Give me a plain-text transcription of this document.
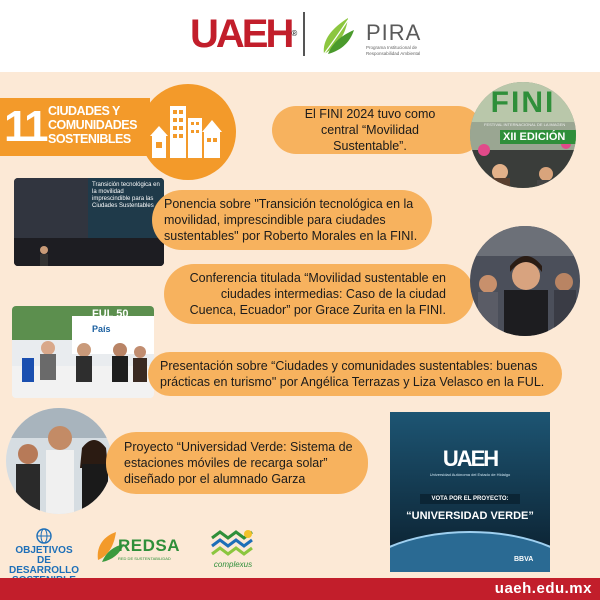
UAEH®	PIRA
Programa Institucional de Responsabilidad Ambiental
11 CIUDADES Y
COMUNIDADES
SOSTENIBLES
El FINI 2024 tuvo como central “Movilidad Sustentable”.
FINI
FESTIVAL INTERNACIONAL DE LA IMAGEN
XII EDICIÓN
Transición tecnológica en la movilidad imprescindible para las Ciudades Sustentables Ponencia sobre "Transición tecnológica en la movilidad, imprescindible para ciudades sustentables" por Roberto Morales en la FINI.
Conferencia titulada “Movilidad sustentable en ciudades intermedias: Caso de la ciudad Cuenca, Ecuador” por Grace Zurita en la FINI.
FUL 50
País
Presentación sobre “Ciudades y comunidades sustentables: buenas prácticas en turismo" por Angélica Terrazas y Liza Velasco en la FUL.
Proyecto “Universidad Verde: Sistema de estaciones móviles de recarga solar” diseñado por el alumnado Garza
UAEH
Universidad Autónoma del Estado de Hidalgo
VOTA POR EL PROYECTO:
“UNIVERSIDAD VERDE”
BBVA
OBJETIVOS
DE DESARROLLO
REDSA
RED DE SUSTENTABILIDAD
complexus
uaeh.edu.mx
